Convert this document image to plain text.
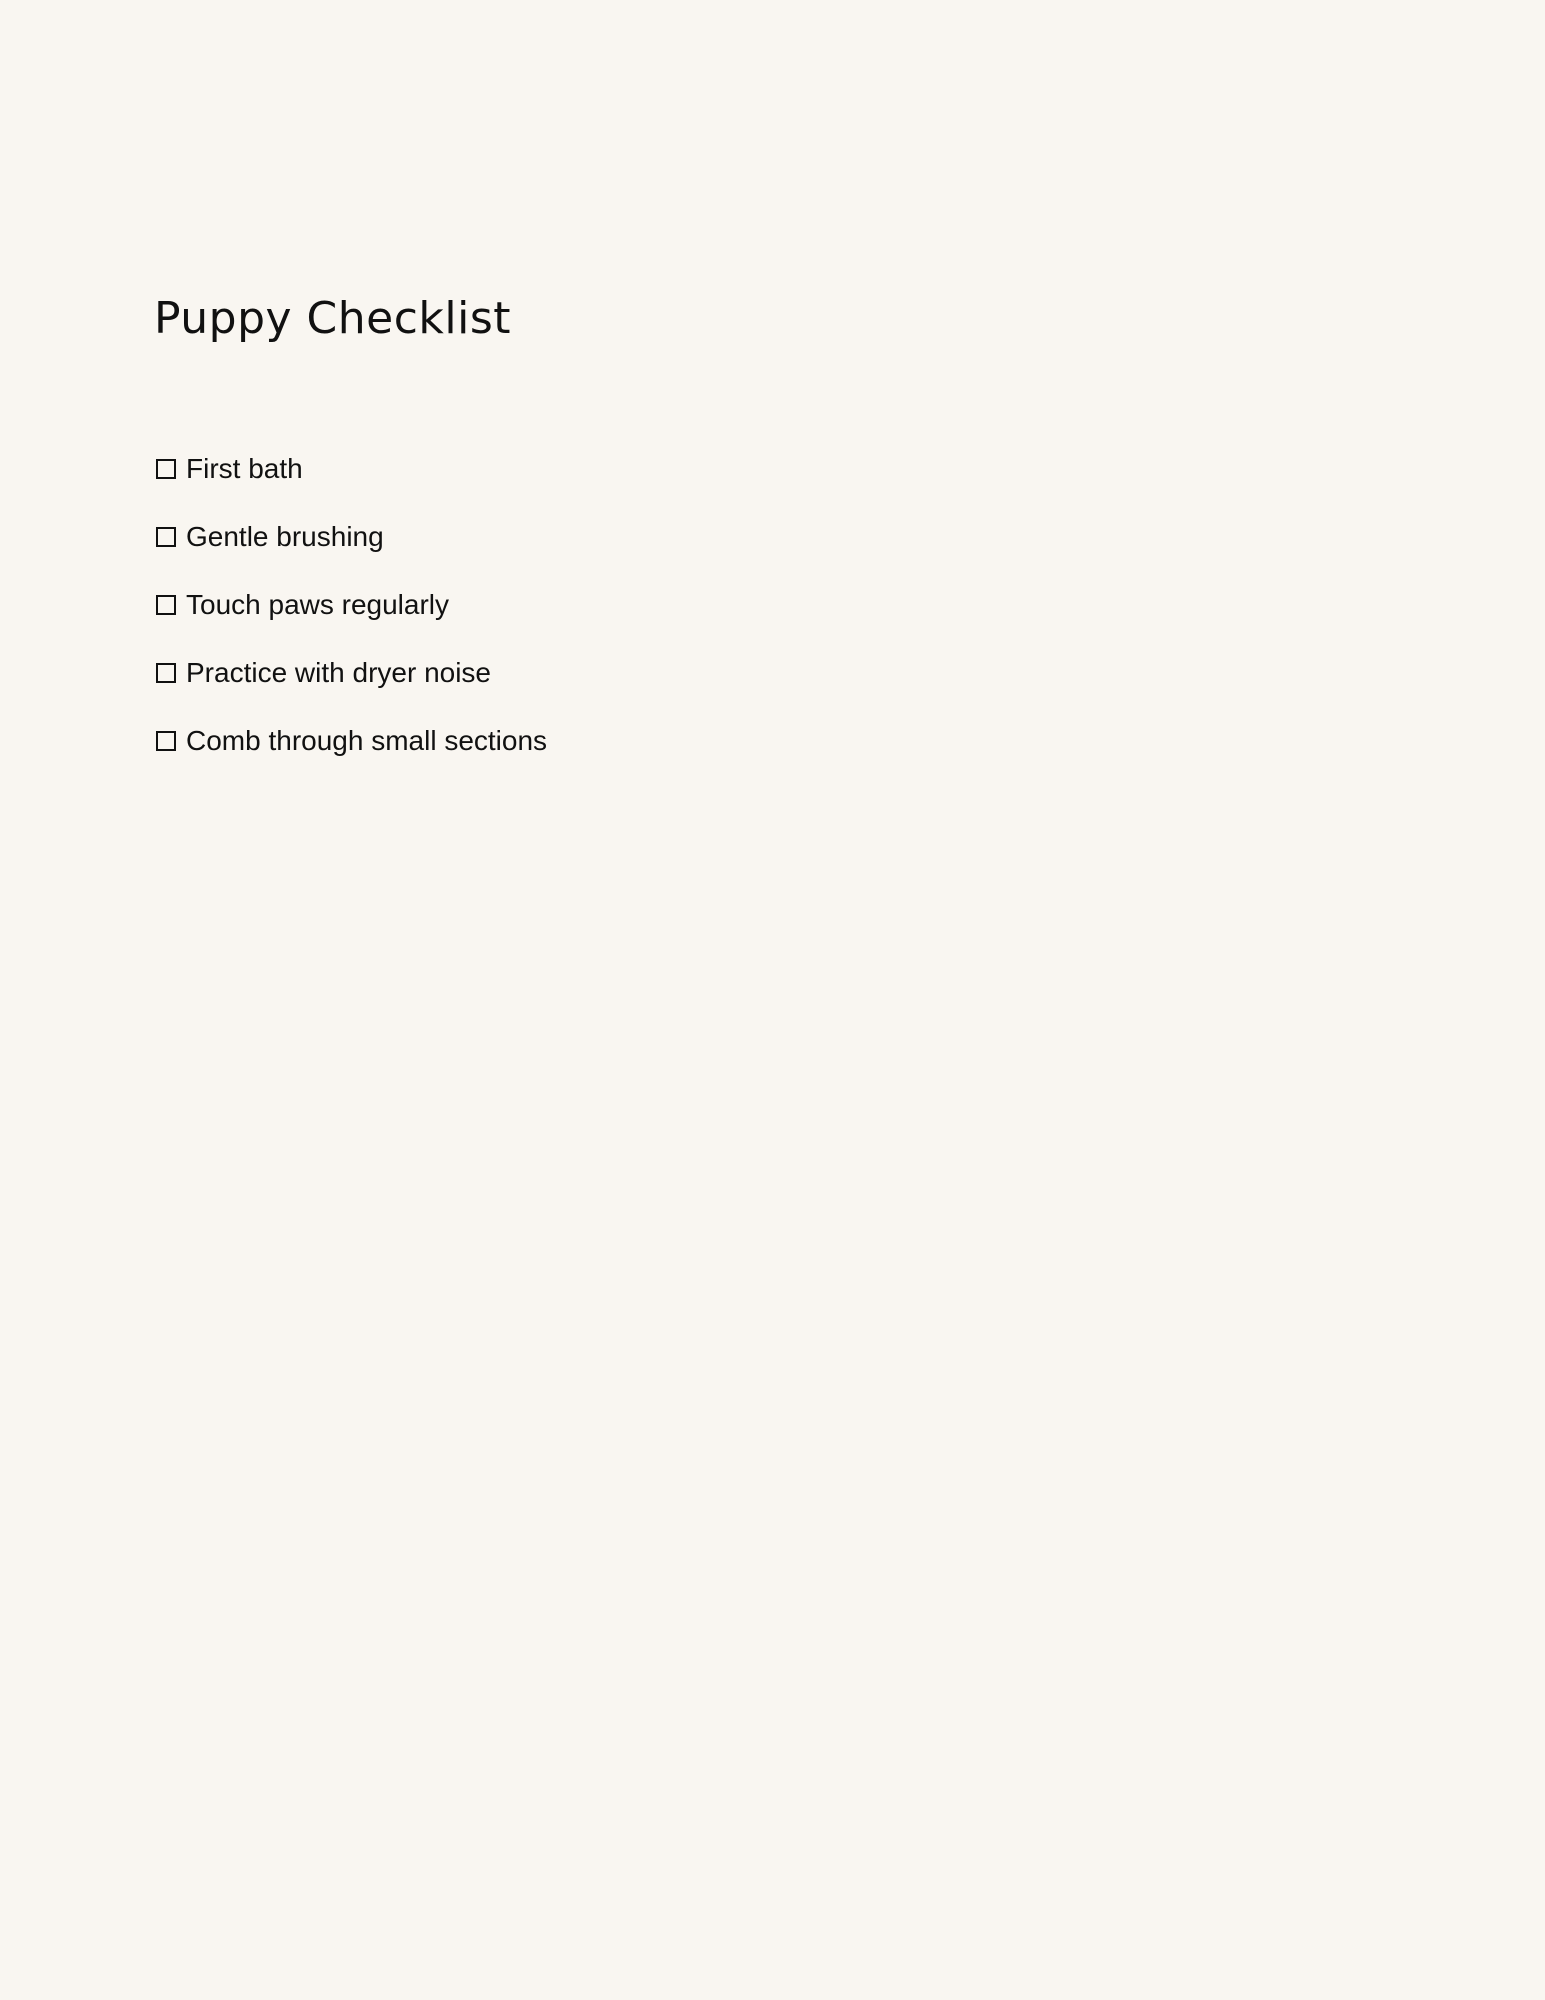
Puppy Checklist
First bath
Gentle brushing
Touch paws regularly
Practice with dryer noise
Comb through small sections
